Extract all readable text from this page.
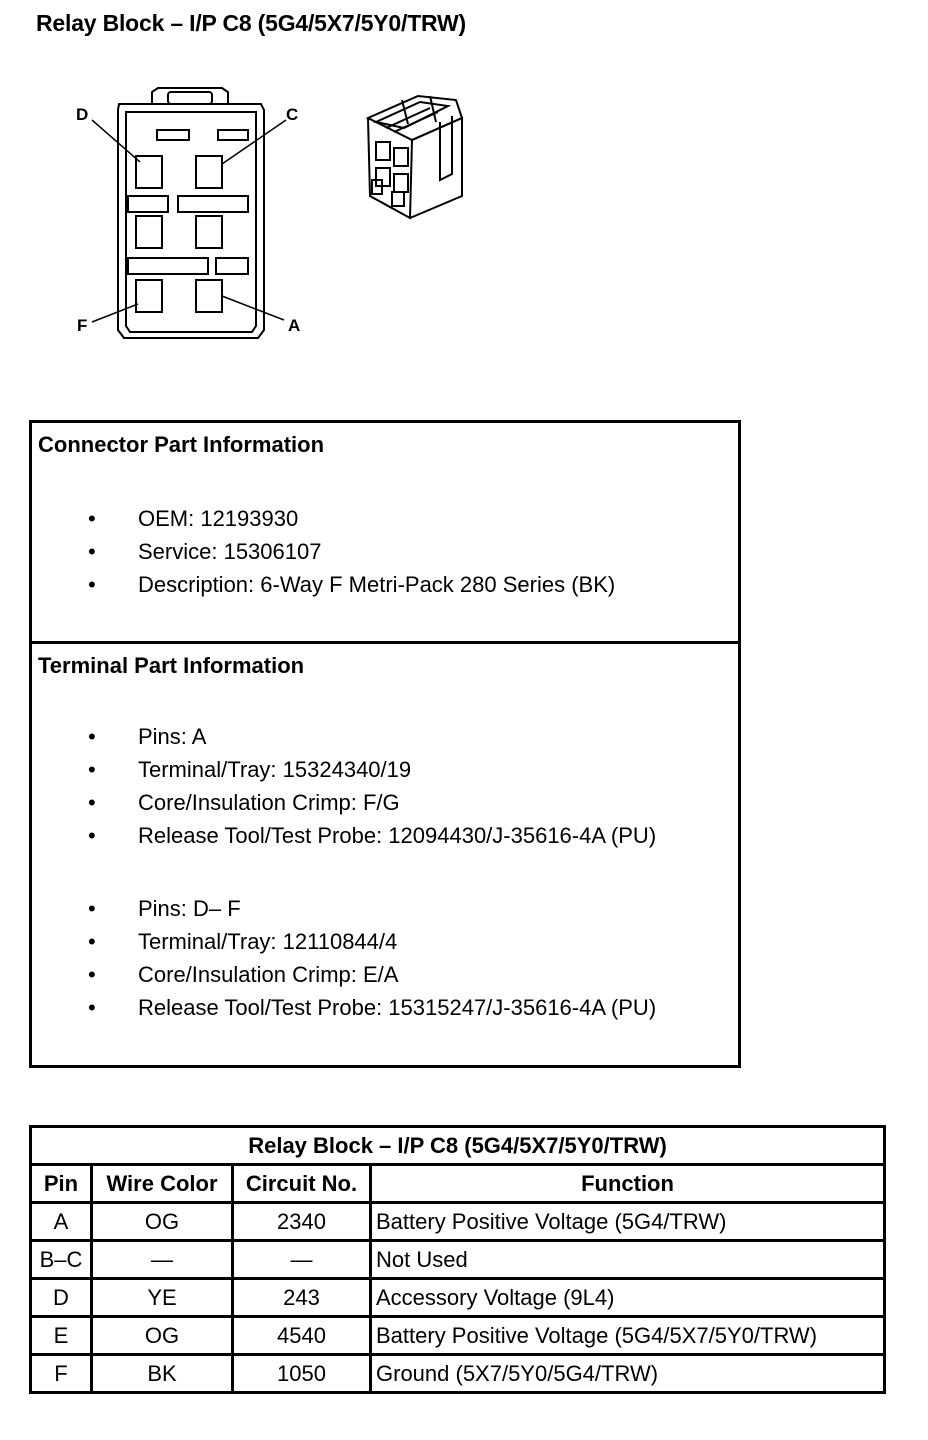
Relay Block – I/P C8 (5G4/5X7/5Y0/TRW)
D	C
F	A
Connector Part Information
• OEM: 12193930
• Service: 15306107
• Description: 6-Way F Metri-Pack 280 Series (BK)
Terminal Part Information
• Pins: A
• Terminal/Tray: 15324340/19
• Core/Insulation Crimp: F/G
• Release Tool/Test Probe: 12094430/J-35616-4A (PU)
• Pins: D– F
• Terminal/Tray: 12110844/4
• Core/Insulation Crimp: E/A
• Release Tool/Test Probe: 15315247/J-35616-4A (PU)
Relay Block – I/P C8 (5G4/5X7/5Y0/TRW)			
Pin	Wire Color	Circuit No.	Function
A	OG	2340	Battery Positive Voltage (5G4/TRW)
B–C	—	—	Not Used
D	YE	243	Accessory Voltage (9L4)
E	OG	4540	Battery Positive Voltage (5G4/5X7/5Y0/TRW)
F	BK	1050	Ground (5X7/5Y0/5G4/TRW)
